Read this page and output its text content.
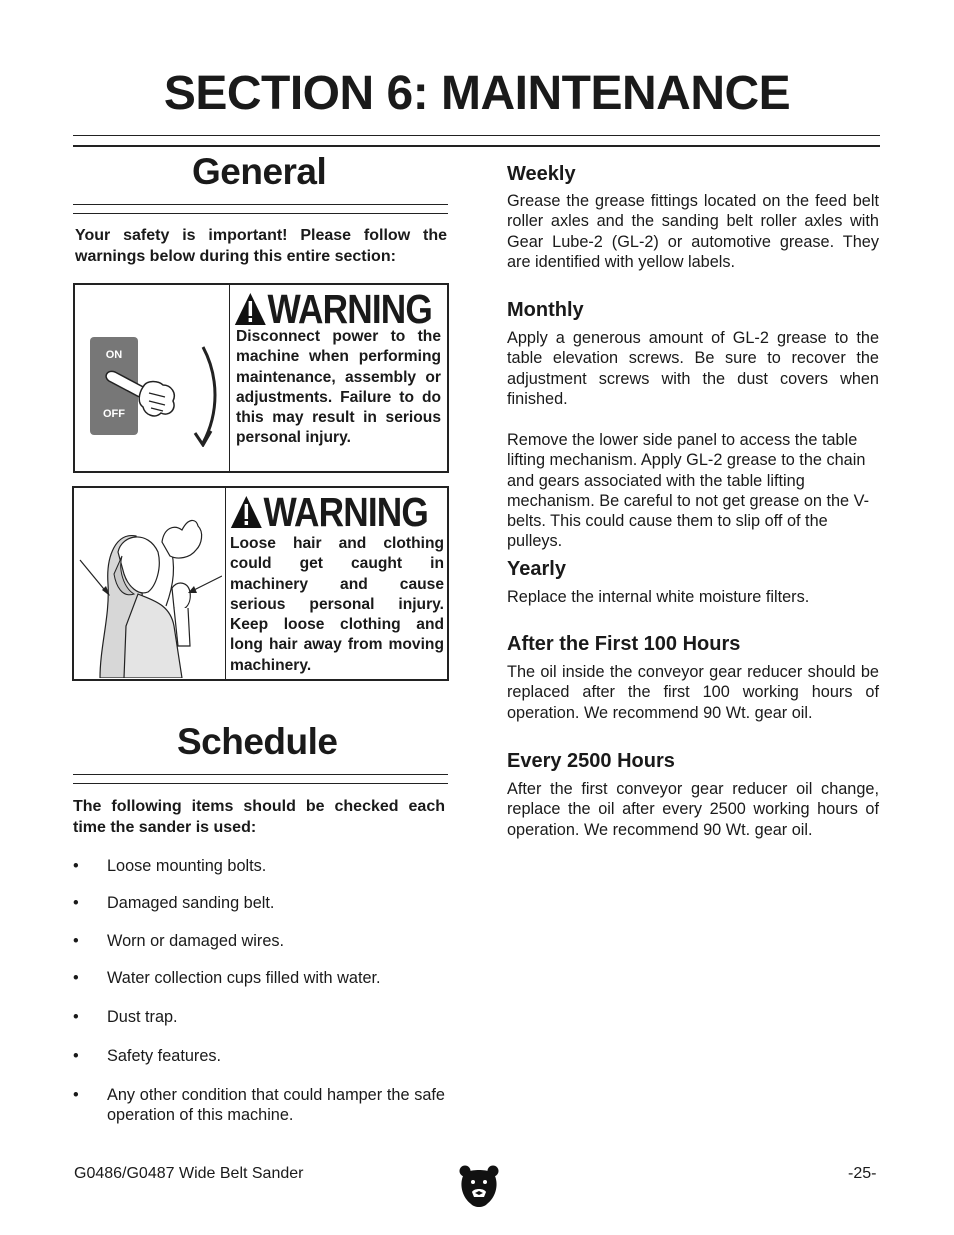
SECTION 6: MAINTENANCE
General
Your safety is important! Please follow the warnings below during this entire section:
ON
OFF
WARNING
Disconnect power to the machine when performing maintenance, assembly or adjustments. Failure to do this may result in serious personal injury.
WARNING
Loose hair and clothing could get caught in machinery and cause serious personal injury. Keep loose clothing and long hair away from moving machinery.
Schedule
The following items should be checked each time the sander is used:
• Loose mounting bolts.
• Damaged sanding belt.
• Worn or damaged wires.
• Water collection cups filled with water.
• Dust trap.
• Safety features.
• Any other condition that could hamper the safe operation of this machine.
Weekly
Grease the grease fittings located on the feed belt roller axles and the sanding belt roller axles with Gear Lube-2 (GL-2) or automotive grease. They are identified with yellow labels.
Monthly
Apply a generous amount of GL-2 grease to the table elevation screws. Be sure to recover the adjustment screws with the dust covers when finished.
Remove the lower side panel to access the table lifting mechanism. Apply GL-2 grease to the chain and gears associated with the table lifting mechanism. Be careful to not get grease on the V-belts. This could cause them to slip off of the pulleys.
Yearly
Replace the internal white moisture filters.
After the First 100 Hours
The oil inside the conveyor gear reducer should be replaced after the first 100 working hours of operation. We recommend 90 Wt. gear oil.
Every 2500 Hours
After the first conveyor gear reducer oil change, replace the oil after every 2500 working hours of operation. We recommend 90 Wt. gear oil.
G0486/G0487 Wide Belt Sander	-25-
